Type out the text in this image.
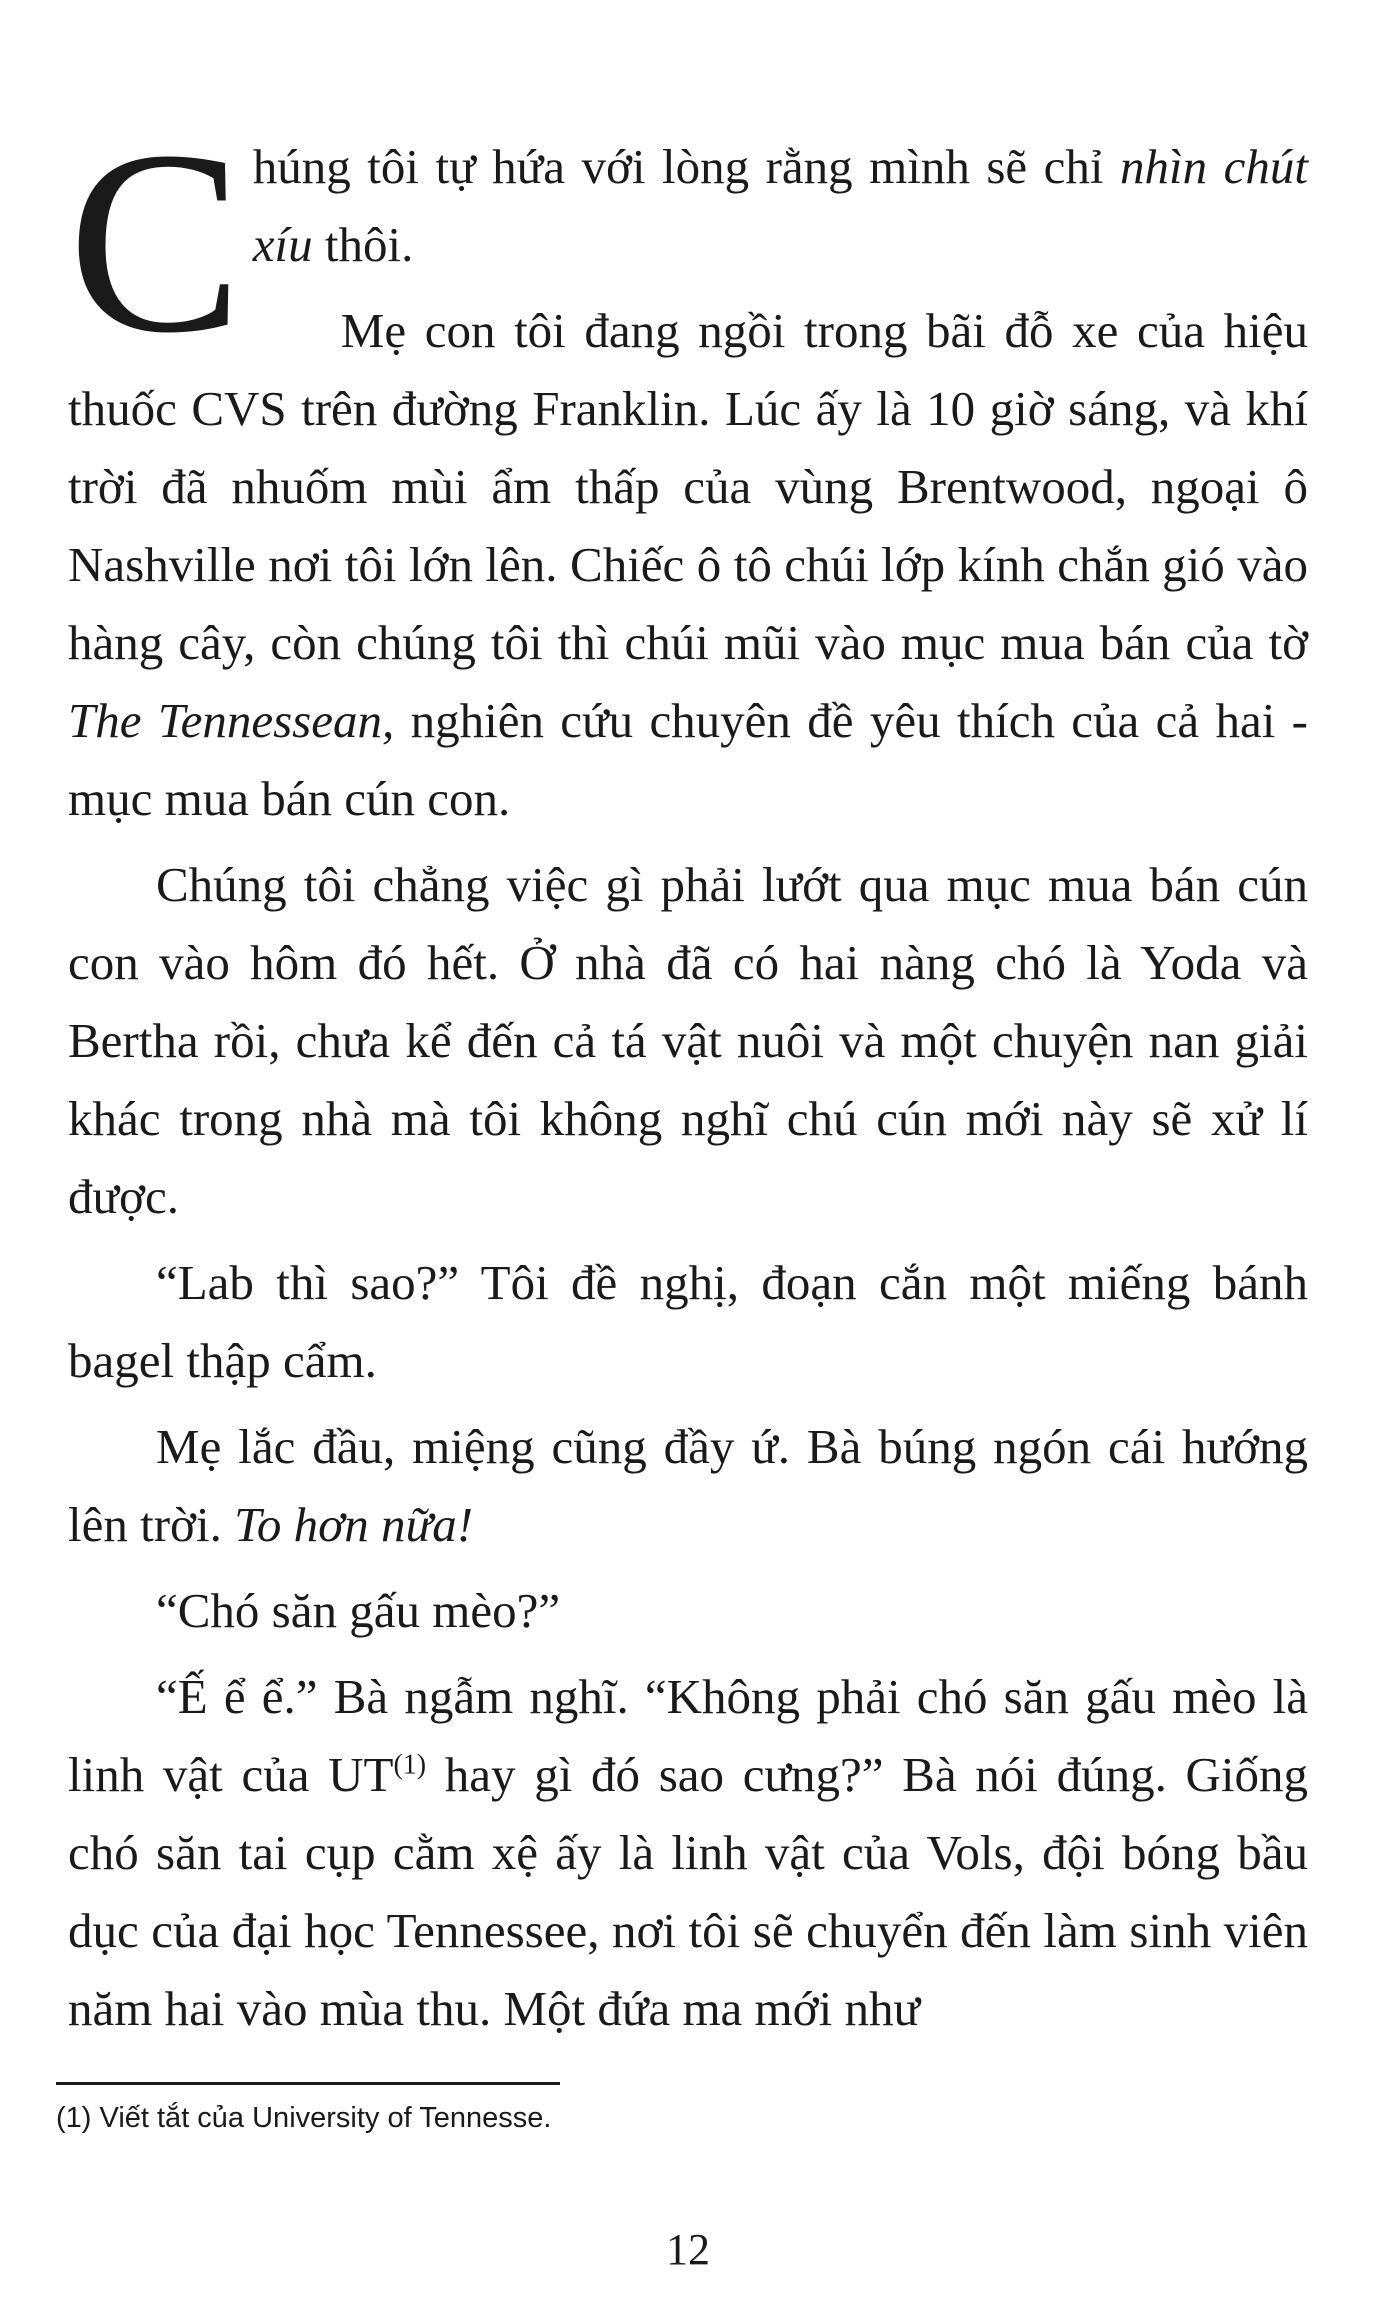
Chúng tôi tự hứa với lòng rằng mình sẽ chỉ nhìn chút xíu thôi.

Mẹ con tôi đang ngồi trong bãi đỗ xe của hiệu thuốc CVS trên đường Franklin. Lúc ấy là 10 giờ sáng, và khí trời đã nhuốm mùi ẩm thấp của vùng Brentwood, ngoại ô Nashville nơi tôi lớn lên. Chiếc ô tô chúi lớp kính chắn gió vào hàng cây, còn chúng tôi thì chúi mũi vào mục mua bán của tờ The Tennessean, nghiên cứu chuyên đề yêu thích của cả hai - mục mua bán cún con.

Chúng tôi chẳng việc gì phải lướt qua mục mua bán cún con vào hôm đó hết. Ở nhà đã có hai nàng chó là Yoda và Bertha rồi, chưa kể đến cả tá vật nuôi và một chuyện nan giải khác trong nhà mà tôi không nghĩ chú cún mới này sẽ xử lí được.

“Lab thì sao?” Tôi đề nghị, đoạn cắn một miếng bánh bagel thập cẩm.

Mẹ lắc đầu, miệng cũng đầy ứ. Bà búng ngón cái hướng lên trời. To hơn nữa!

“Chó săn gấu mèo?”

“Ế ể ể.” Bà ngẫm nghĩ. “Không phải chó săn gấu mèo là linh vật của UT$^{(1)}$ hay gì đó sao cưng?” Bà nói đúng. Giống chó săn tai cụp cằm xệ ấy là linh vật của Vols, đội bóng bầu dục của đại học Tennessee, nơi tôi sẽ chuyển đến làm sinh viên năm hai vào mùa thu. Một đứa ma mới như

(1) Viết tắt của University of Tennesse.
12
